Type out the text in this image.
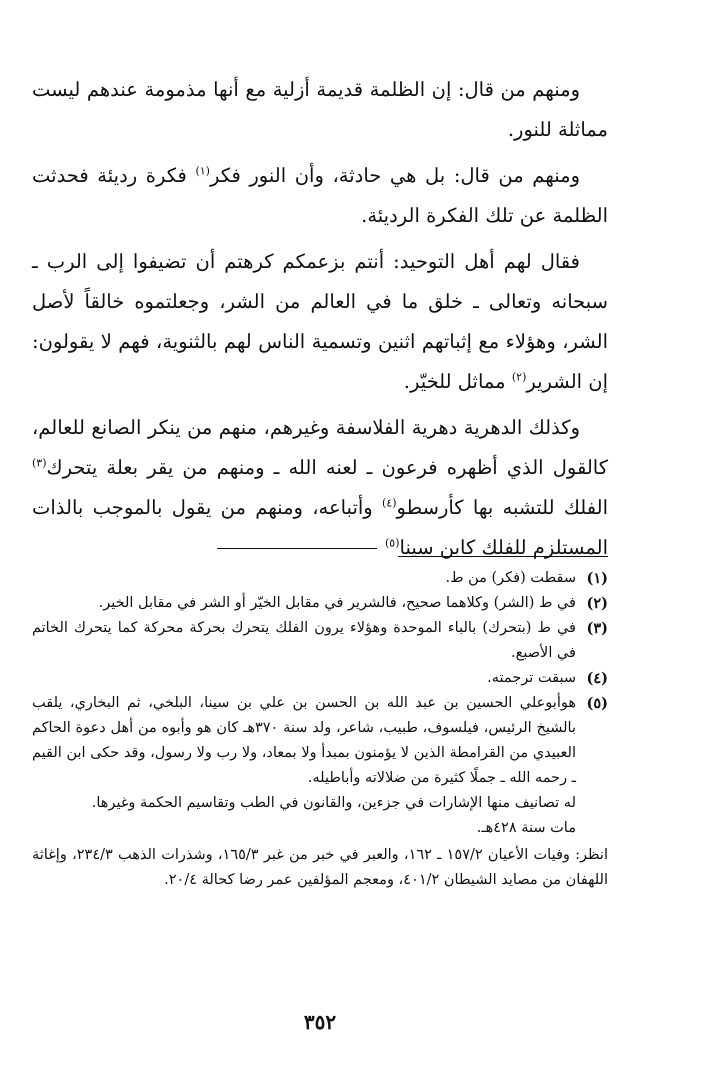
ومنهم من قال: إن الظلمة قديمة أزلية مع أنها مذمومة عندهم ليست مماثلة للنور.

ومنهم من قال: بل هي حادثة، وأن النور فكر$^{(١)}$ فكرة رديئة فحدثت الظلمة عن تلك الفكرة الرديئة.

فقال لهم أهل التوحيد: أنتم بزعمكم كرهتم أن تضيفوا إلى الرب ـ سبحانه وتعالى ـ خلق ما في العالم من الشر، وجعلتموه خالقاً لأصل الشر، وهؤلاء مع إثباتهم اثنين وتسمية الناس لهم بالثنوية، فهم لا يقولون: إن الشرير$^{(٢)}$ مماثل للخيّر.

وكذلك الدهرية دهرية الفلاسفة وغيرهم، منهم من ينكر الصانع للعالم، كالقول الذي أظهره فرعون ـ لعنه الله ـ ومنهم من يقر بعلة يتحرك$^{(٣)}$ الفلك للتشبه بها كأرسطو$^{(٤)}$ وأتباعه، ومنهم من يقول بالموجب بالذات المستلزم للفلك كابن سينا$^{(٥)}$

(١)
سقطت (فكر) من ط.
(٢)
في ط (الشر) وكلاهما صحيح، فالشرير في مقابل الخيّر أو الشر في مقابل الخير.
(٣)
في ط (بتحرك) بالباء الموحدة وهؤلاء يرون الفلك يتحرك بحركة محركة كما يتحرك الخاتم في الأصبع.
(٤)
سبقت ترجمته.
(٥)
هوأبوعلي الحسين بن عبد الله بن الحسن بن علي بن سينا، البلخي، ثم البخاري، يلقب بالشيخ الرئيس، فيلسوف، طبيب، شاعر، ولد سنة ٣٧٠هـ كان هو وأبوه من أهل دعوة الحاكم العبيدي من القرامطة الذين لا يؤمنون بمبدأ ولا بمعاد، ولا رب ولا رسول، وقد حكى ابن القيم ـ رحمه الله ـ جملًا كثيرة من ضلالاته وأباطيله.
له تصانيف منها الإشارات في جزءين، والقانون في الطب وتقاسيم الحكمة وغيرها.
مات سنة ٤٢٨هـ.

انظر: وفيات الأعيان ١٥٧/٢ ـ ١٦٢، والعبر في خبر من غبر ١٦٥/٣، وشذرات الذهب ٢٣٤/٣، وإغاثة اللهفان من مصايد الشيطان ٤٠١/٢، ومعجم المؤلفين عمر رضا كحالة ٢٠/٤.

٣٥٢
